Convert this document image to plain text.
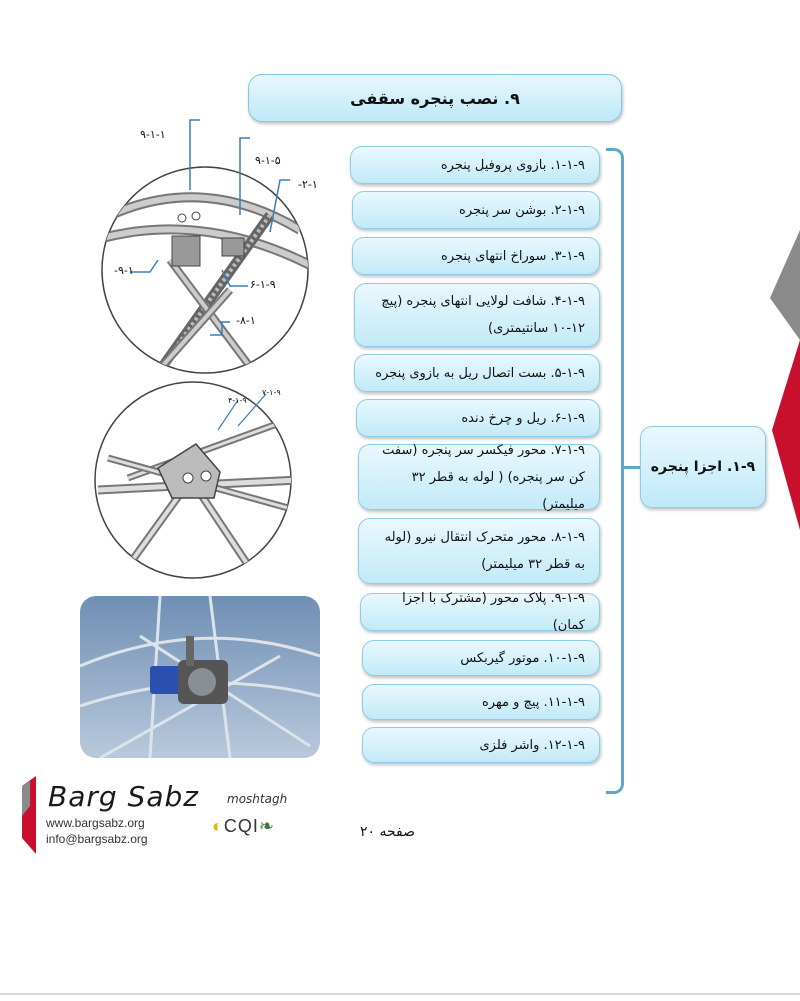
۹. نصب پنجره سقفی
۱-۱-۹. بازوی پروفیل پنجره
۲-۱-۹. بوشن سر پنجره
۳-۱-۹. سوراخ انتهای پنجره
۴-۱-۹. شافت لولایی انتهای پنجره (پیچ ۱۲-۱۰ سانتیمتری)
۵-۱-۹. بست اتصال ریل به بازوی پنجره
۶-۱-۹. ریل و چرخ دنده
۷-۱-۹. محور فیکسر سر پنجره (سفت کن سر پنجره) ( لوله به قطر ۳۲ میلیمتر)
۸-۱-۹. محور متحرک انتقال نیرو (لوله به قطر ۳۲ میلیمتر)
۹-۱-۹. پلاک محور (مشترک با اجزا کمان)
۱۰-۱-۹. موتور گیربکس
۱۱-۱-۹. پیچ و مهره
۱۲-۱-۹. واشر فلزی
۱-۹. اجزا پنجره
۹-۱-۱
۹-۱-۵
۲-۱-
۹-۱-
۶-۱-۹
۸-۱-
۴-۱-۹
۷-۱-۹
Barg Sabz moshtagh
www.bargsabz.org
info@bargsabz.org
◐CQI❧	صفحه ۲۰
